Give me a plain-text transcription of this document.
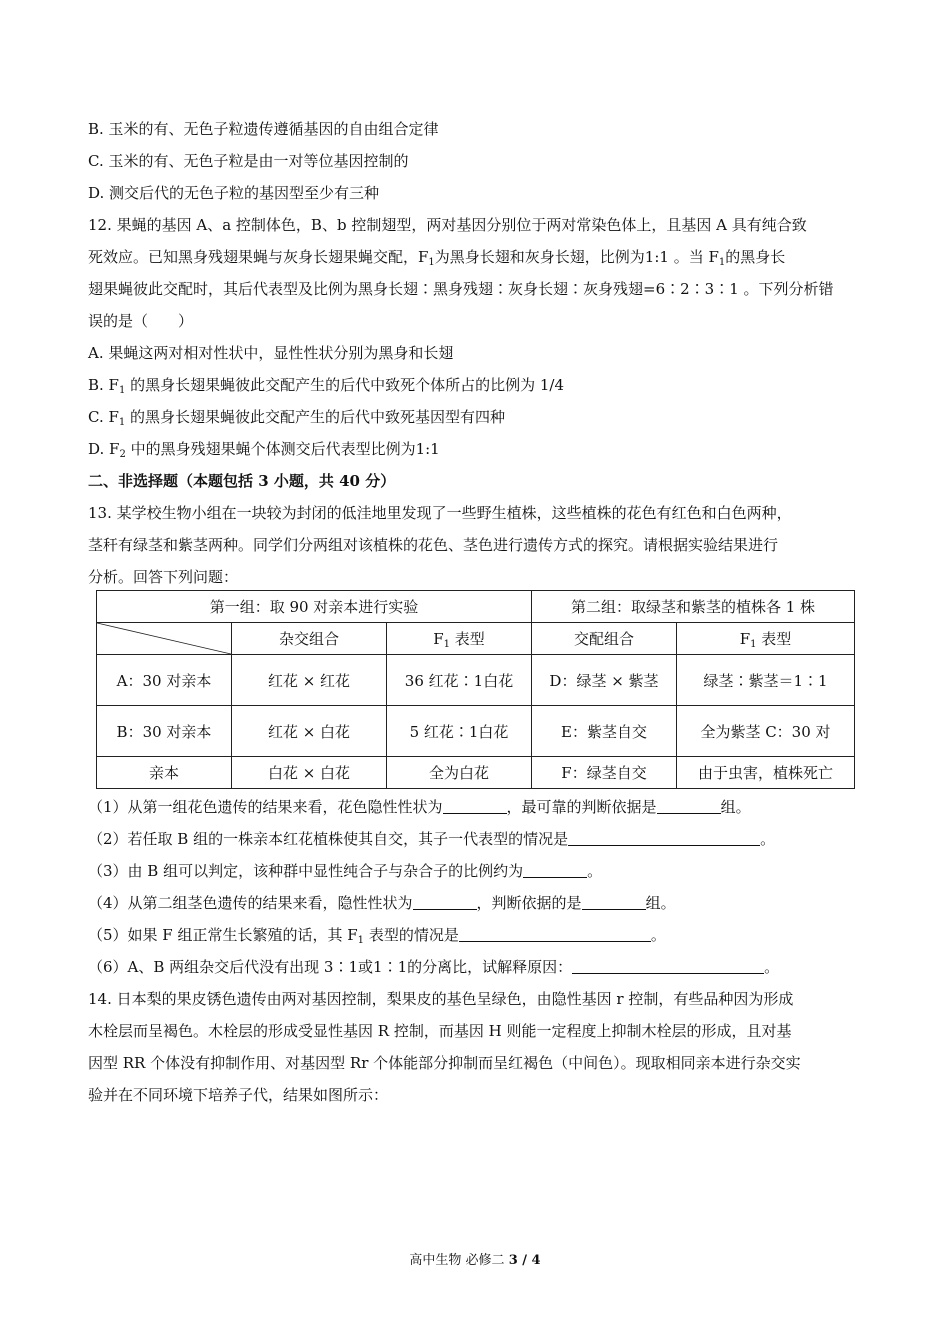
B. 玉米的有、无色子粒遗传遵循基因的自由组合定律
C. 玉米的有、无色子粒是由一对等位基因控制的
D. 测交后代的无色子粒的基因型至少有三种
12. 果蝇的基因 A、a 控制体色，B、b 控制翅型，两对基因分别位于两对常染色体上，且基因 A 具有纯合致
死效应。已知黑身残翅果蝇与灰身长翅果蝇交配，$F_1$为黑身长翅和灰身长翅，比例为1:1 。当 $F_1$的黑身长
翅果蝇彼此交配时，其后代表型及比例为黑身长翅∶黑身残翅∶灰身长翅∶灰身残翅=6∶2∶3∶1 。下列分析错
误的是（　　）
A. 果蝇这两对相对性状中，显性性状分别为黑身和长翅
B. $F_1$ 的黑身长翅果蝇彼此交配产生的后代中致死个体所占的比例为 1/4
C. $F_1$ 的黑身长翅果蝇彼此交配产生的后代中致死基因型有四种
D. $F_2$ 中的黑身残翅果蝇个体测交后代表型比例为1:1
二、非选择题（本题包括 3 小题，共 40 分）
13. 某学校生物小组在一块较为封闭的低洼地里发现了一些野生植株，这些植株的花色有红色和白色两种，
茎秆有绿茎和紫茎两种。同学们分两组对该植株的花色、茎色进行遗传方式的探究。请根据实验结果进行
分析。回答下列问题：
第一组：取 90 对亲本进行实验			第二组：取绿茎和紫茎的植株各 1 株	

	杂交组合	$F_1$ 表型	交配组合	$F_1$ 表型
A：30 对亲本	红花 × 红花	36 红花∶1白花	D：绿茎 × 紫茎	绿茎∶紫茎＝1∶1
B：30 对亲本	红花 × 白花	5 红花∶1白花	E：紫茎自交	全为紫茎 C：30 对
亲本	白花 × 白花	全为白花	F：绿茎自交	由于虫害，植株死亡
（1）从第一组花色遗传的结果来看，花色隐性性状为	，最可靠的判断依据是	组。
（2）若任取 B 组的一株亲本红花植株使其自交，其子一代表型的情况是	。
（3）由 B 组可以判定，该种群中显性纯合子与杂合子的比例约为	。
（4）从第二组茎色遗传的结果来看，隐性性状为	，判断依据的是	组。
（5）如果 F 组正常生长繁殖的话，其 $F_1$ 表型的情况是	。
（6）A、B 两组杂交后代没有出现 3∶1或1∶1的分离比，试解释原因：	。
14. 日本梨的果皮锈色遗传由两对基因控制，梨果皮的基色呈绿色，由隐性基因 r 控制，有些品种因为形成
木栓层而呈褐色。木栓层的形成受显性基因 R 控制，而基因 H 则能一定程度上抑制木栓层的形成，且对基
因型 RR 个体没有抑制作用、对基因型 Rr 个体能部分抑制而呈红褐色（中间色）。现取相同亲本进行杂交实
验并在不同环境下培养子代，结果如图所示：
高中生物 必修二 3 / 4
